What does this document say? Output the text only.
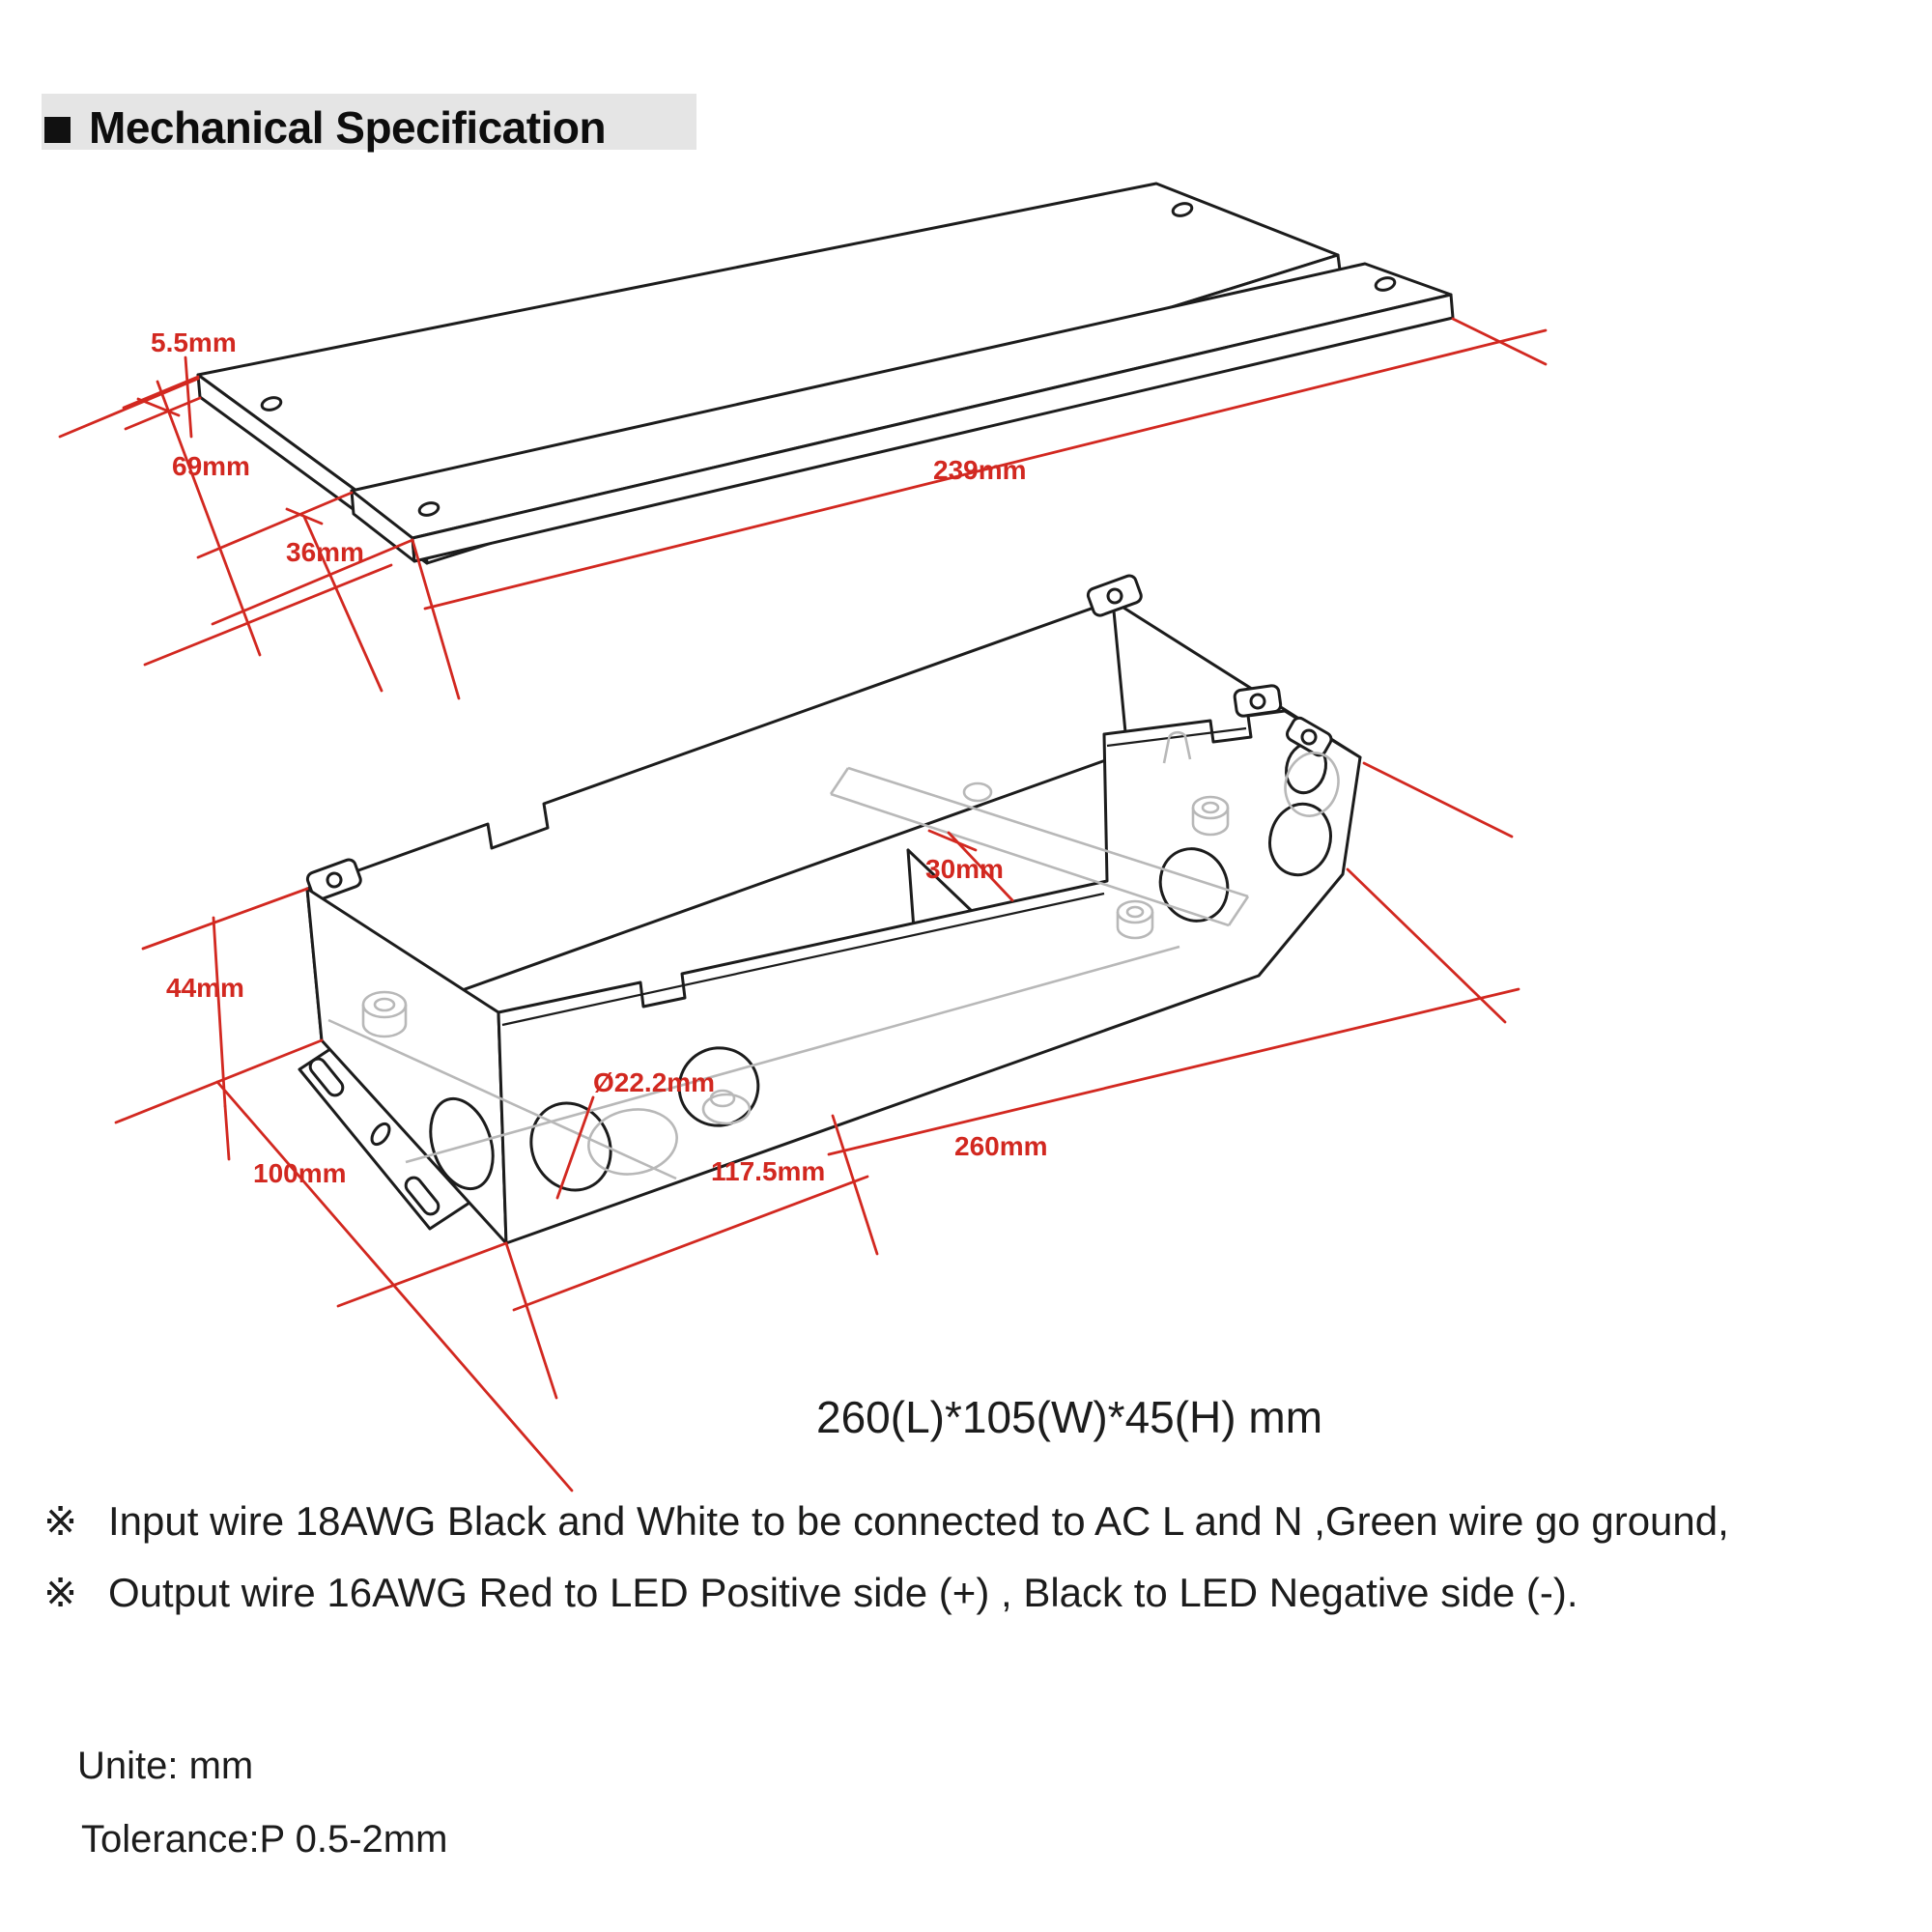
Mechanical Specification
5.5mm
69mm
36mm
239mm
44mm
30mm
Ø22.2mm
100mm	117.5mm
260mm
260(L)*105(W)*45(H) mm
※ Input wire 18AWG Black and White to be connected to AC L and N ,Green wire go ground,
※ Output wire 16AWG Red to LED Positive side (+) , Black to LED Negative side (-).
Unite: mm
Tolerance:P 0.5-2mm
